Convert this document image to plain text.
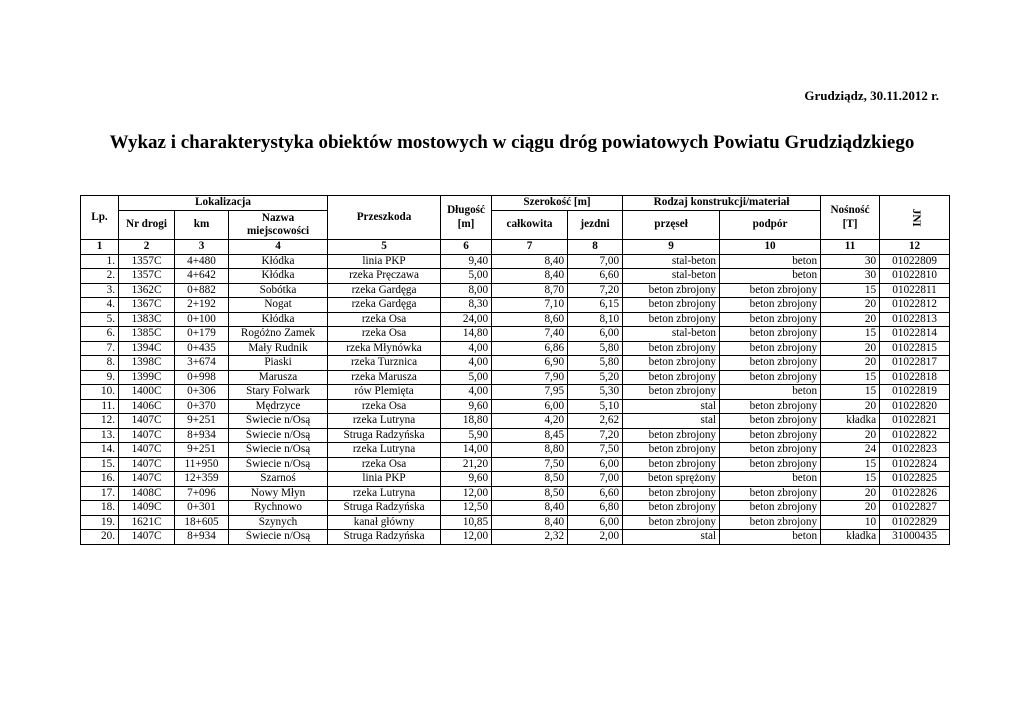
Grudziądz, 30.11.2012 r.
Wykaz i charakterystyka obiektów mostowych w ciągu dróg powiatowych Powiatu Grudziądzkiego
Lp.	Lokalizacja			Przeszkoda	Długość [m]	Szerokość [m]		Rodzaj konstrukcji/materiał		Nośność [T]	JNI
	Nr drogi	km	Nazwa miejscowości			całkowita	jezdni	przęseł	podpór		
1	2	3	4	5	6	7	8	9	10	11	12
1.	1357C	4+480	Kłódka	linia PKP	9,40	8,40	7,00	stal-beton	beton	30	01022809
2.	1357C	4+642	Kłódka	rzeka Pręczawa	5,00	8,40	6,60	stal-beton	beton	30	01022810
3.	1362C	0+882	Sobótka	rzeka Gardęga	8,00	8,70	7,20	beton zbrojony	beton zbrojony	15	01022811
4.	1367C	2+192	Nogat	rzeka Gardęga	8,30	7,10	6,15	beton zbrojony	beton zbrojony	20	01022812
5.	1383C	0+100	Kłódka	rzeka Osa	24,00	8,60	8,10	beton zbrojony	beton zbrojony	20	01022813
6.	1385C	0+179	Rogóżno Zamek	rzeka Osa	14,80	7,40	6,00	stal-beton	beton zbrojony	15	01022814
7.	1394C	0+435	Mały Rudnik	rzeka Młynówka	4,00	6,86	5,80	beton zbrojony	beton zbrojony	20	01022815
8.	1398C	3+674	Piaski	rzeka Turznica	4,00	6,90	5,80	beton zbrojony	beton zbrojony	20	01022817
9.	1399C	0+998	Marusza	rzeka Marusza	5,00	7,90	5,20	beton zbrojony	beton zbrojony	15	01022818
10.	1400C	0+306	Stary Folwark	rów Plemięta	4,00	7,95	5,30	beton zbrojony	beton	15	01022819
11.	1406C	0+370	Mędrzyce	rzeka Osa	9,60	6,00	5,10	stal	beton zbrojony	20	01022820
12.	1407C	9+251	Świecie n/Osą	rzeka Lutryna	18,80	4,20	2,62	stal	beton zbrojony	kładka	01022821
13.	1407C	8+934	Świecie n/Osą	Struga Radzyńska	5,90	8,45	7,20	beton zbrojony	beton zbrojony	20	01022822
14.	1407C	9+251	Świecie n/Osą	rzeka Lutryna	14,00	8,80	7,50	beton zbrojony	beton zbrojony	24	01022823
15.	1407C	11+950	Świecie n/Osą	rzeka Osa	21,20	7,50	6,00	beton zbrojony	beton zbrojony	15	01022824
16.	1407C	12+359	Szarnoś	linia PKP	9,60	8,50	7,00	beton sprężony	beton	15	01022825
17.	1408C	7+096	Nowy Młyn	rzeka Lutryna	12,00	8,50	6,60	beton zbrojony	beton zbrojony	20	01022826
18.	1409C	0+301	Rychnowo	Struga Radzyńska	12,50	8,40	6,80	beton zbrojony	beton zbrojony	20	01022827
19.	1621C	18+605	Szynych	kanał główny	10,85	8,40	6,00	beton zbrojony	beton zbrojony	10	01022829
20.	1407C	8+934	Świecie n/Osą	Struga Radzyńska	12,00	2,32	2,00	stal	beton	kładka	31000435
